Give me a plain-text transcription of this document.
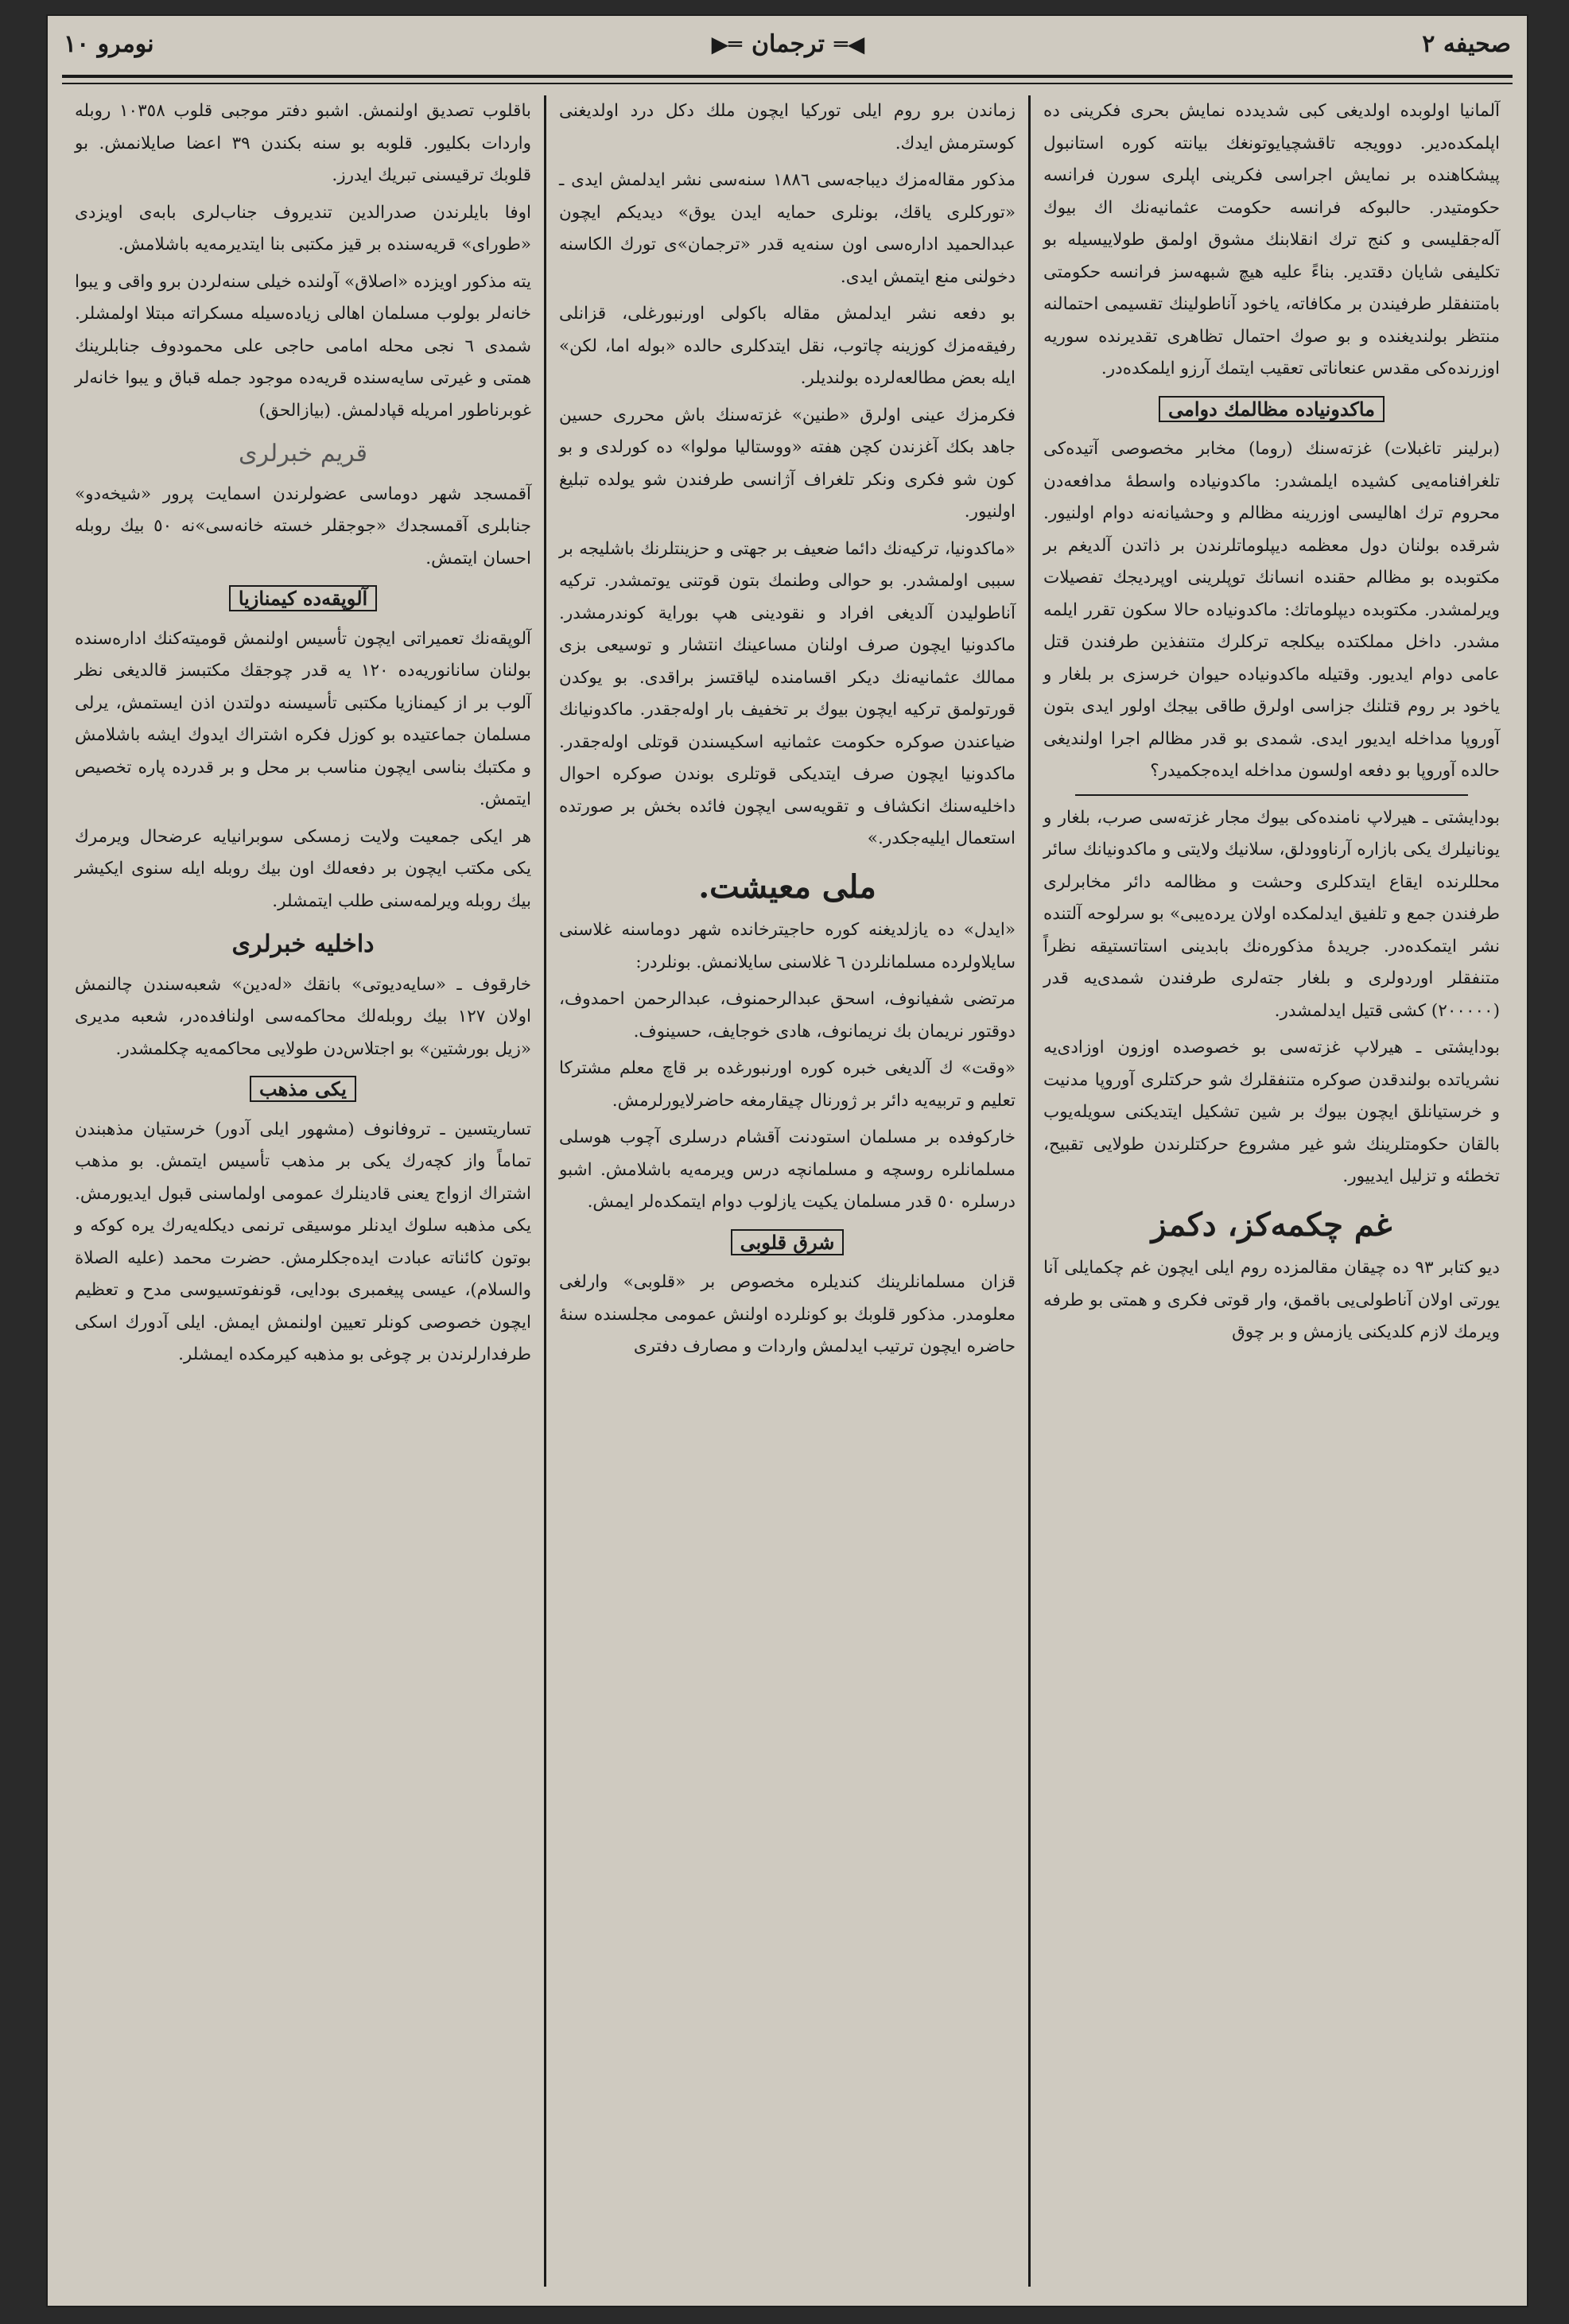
صحيفه ٢
◀═
ترجمان
═▶
نومرو ١٠

آلمانيا اولوبده اولديغى كبى شديدده نمايش بحرى فكرينى ده اپلمكده‌دير. دوويجه تاقشچيايوتونغك بيانته كوره استانبول پيشكاهنده بر نمايش اجراسى فكرينى اپلرى سورن فرانسه حكومتيدر. حالبوكه فرانسه حكومت عثمانيه‌نك اك بيوك آله‌جقليسى و كنج ترك انقلابنك مشوق اولمق طولاييسيله بو تكليفى شايان دقتدير. بناءً عليه هيچ شبهه‌سز فرانسه حكومتى بامتنفقلر طرفيندن بر مكافاته، ياخود آناطولينك تقسيمى احتمالنه منتظر بولنديغنده و بو صوك احتمال تظاهرى تقديرنده سوريه اوزرنده‌كى مقدس عنعاناتى تعقيب ايتمك آرزو ايلمكده‌در.

ماكدونياده مظالمك دوامى

(برلينر تاغبلات) غزته‌سنك (روما) مخابر مخصوصى آتيده‌كى تلغرافنامه‌يى كشيده ايلمشدر: ماكدونياده واسطهٔ مدافعه‌دن محروم ترك اهاليسى اوزرينه مظالم و وحشيانه‌نه دوام اولنيور. شرقده بولنان دول معظمه ديپلوماتلرندن بر ذاتدن آلديغم بر مكتوبده بو مظالم حقنده انسانك توپلرينى اوپرديجك تفصيلات ويرلمشدر. مكتوبده ديپلوماتك: ماكدونياده حالا سكون تقرر ايلمه مشدر. داخل مملكتده بيكلجه تركلرك متنفذين طرفندن قتل عامى دوام ايديور. وقتيله ماكدونياده حيوان خرسزى بر بلغار و ياخود بر روم قتلنك جزاسى اولرق طاقى بيجك اولور ايدى بتون آوروپا مداخله ايديور ايدى. شمدى بو قدر مظالم اجرا اولنديغى حالده آوروپا بو دفعه اولسون مداخله ايده‌جكميدر؟

بودايشتى ـ هيرلاپ نامنده‌كى بيوك مجار غزته‌سى صرب، بلغار و يونانيلرك يكى بازاره آرناوودلق، سلانيك ولايتى و ماكدونيانك سائر محللرنده ايقاع ايتدكلرى وحشت و مظالمه دائر مخابرلرى طرفندن جمع و تلفيق ايدلمكده اولان يرده‌يبى» بو سرلوحه آلتنده نشر ايتمكده‌در. جريدهٔ مذكوره‌نك بابدينى استاتستيقه نظراً متنفقلر اوردولرى و بلغار جته‌لرى طرفندن شمدى‌يه قدر (٢٠٠٠٠٠) كشى قتيل ايدلمشدر.

بودايشتى ـ هيرلاپ غزته‌سى بو خصوصده اوزون اوزادى‌يه نشرياتده بولندقدن صوكره متنفقلرك شو حركتلرى آوروپا مدنيت و خرستيانلق ايچون بيوك بر شين تشكيل ايتديكنى سويله‌يوب بالقان حكومتلرينك شو غير مشروع حركتلرندن طولايى تقبيح، تخطئه و تزليل ايدييور.

غم چكمه‌كز، دكمز

ديو كتابر ٩٣ ده چيقان مقالمزده روم ايلى ايچون غم چكمايلى آنا يورتى اولان آناطولى‌يى باقمق، وار قوتى فكرى و همتى بو طرفه ويرمك لازم كلديكنى يازمش و بر چوق

زماندن برو روم ايلى توركيا ايچون ملك دكل درد اولديغنى كوسترمش ايدك.

مذكور مقاله‌مزك ديباجه‌سى ١٨٨٦ سنه‌سى نشر ايدلمش ايدى ـ «توركلرى ياقك، بونلرى حمايه ايدن يوق» ديديكم ايچون عبدالحميد اداره‌سى اون سنه‌يه قدر «ترجمان»‌ى تورك الكاسنه دخولنى منع ايتمش ايدى.

بو دفعه نشر ايدلمش مقاله باكولى اورنبورغلى، قزانلى رفيقه‌مزك كوزينه چاتوب، نقل ايتدكلرى حالده «بوله اما، لكن» ايله بعض مطالعه‌لرده بولنديلر.

فكرمزك عينى اولرق «طنين» غزته‌سنك باش محررى حسين جاهد بكك آغزندن كچن هفته «ووستاليا مولوا» ده كورلدى و بو كون شو فكرى ونكر تلغراف آژانسى طرفندن شو يولده تبليغ اولنيور.

«ماكدونيا، تركيه‌نك دائما ضعيف بر جهتى و حزينتلرنك باشليجه بر سببى اولمشدر. بو حوالى وطنمك بتون قوتنى يوتمشدر. تركيه آناطوليدن آلديغى افراد و نقودينى هپ بوراية كوندرمشدر. ماكدونيا ايچون صرف اولنان مساعينك انتشار و توسيعى بزى ممالك عثمانيه‌نك ديكر اقسامنده لياقتسز براقدى. بو يوكدن قورتولمق تركيه ايچون بيوك بر تخفيف بار اوله‌جقدر. ماكدونيانك ضياعندن صوكره حكومت عثمانيه اسكيسندن قوتلى اوله‌جقدر. ماكدونيا ايچون صرف ايتديكى قوتلرى بوندن صوكره احوال داخليه‌سنك انكشاف و تقويه‌سى ايچون فائده بخش بر صورتده استعمال ايليه‌جكدر.»

ملى معيشت.

«ايدل» ده يازلديغنه كوره حاجيترخانده شهر دوماسنه غلاسنى سايلاولرده مسلمانلردن ٦ غلاسنى سايلانمش. بونلردر:

مرتضى شفيانوف، اسحق عبدالرحمنوف، عبدالرحمن احمدوف، دوقتور نريمان بك نريمانوف، هادى خوجايف، حسينوف.

«وقت» ك آلديغى خبره كوره اورنبورغده بر قاچ معلم مشتركا تعليم و تربيه‌يه دائر بر ژورنال چيقارمغه حاضرلايورلرمش.

خاركوفده بر مسلمان استودنت آقشام درسلرى آچوب هوسلى مسلمانلره روسچه و مسلمانچه درس ويرمه‌يه باشلامش. اشبو درسلره ٥٠ قدر مسلمان يكيت يازلوب دوام ايتمكده‌لر ايمش.

شرق قلوبى

قزان مسلمانلرينك كنديلره مخصوص بر «قلوبى» وارلغى معلومدر. مذكور قلوبك بو كونلرده اولنش عمومى مجلسنده سنهٔ حاضره ايچون ترتيب ايدلمش واردات و مصارف دفترى

باقلوب تصديق اولنمش. اشبو دفتر موجبى قلوب ١٠٣٥٨ روبله واردات بكليور. قلوبه بو سنه بكندن ٣٩ اعضا صايلانمش. بو قلوبك ترقيسنى تبريك ايدرز.

اوفا بايلرندن صدرالدين تنديروف جناب‌لرى بابه‌ى اويزدى «طوراى» قريه‌سنده بر قيز مكتبى بنا ايتديرمه‌يه باشلامش.

يته مذكور اويزده «اصلاق» آولنده خيلى سنه‌لردن برو واقى و يبوا خانه‌لر بولوب مسلمان اهالى زياده‌سيله مسكراته مبتلا اولمشلر. شمدى ٦ نجى محله امامى حاجى على محمودوف جنابلرينك همتى و غيرتى سايه‌سنده قريه‌ده موجود جمله قباق و يبوا خانه‌لر غوبرناطور امريله قپادلمش. (بيازالحق)

قريم خبرلرى

آقمسجد شهر دوماسى عضولرندن اسمايت پرور «شيخه‌دو» جنابلرى آقمسجدك «جوجقلر خسته خانه‌سى»‌نه ٥٠ بيك روبله احسان ايتمش.

آلوپقه‌ده كيمنازيا

آلوپقه‌نك تعميراتى ايچون تأسيس اولنمش قوميته‌كنك اداره‌سنده بولنان سانانوريه‌ده ١٢٠ يه قدر چوجقك مكتبسز قالديغى نظر آلوب بر از كيمنازيا مكتبى تأسيسنه دولتدن اذن ايستمش، يرلى مسلمان جماعتيده بو كوزل فكره اشتراك ايدوك ايشه باشلامش و مكتبك بناسى ايچون مناسب بر محل و بر قدرده پاره تخصيص ايتمش.

هر ايكى جمعيت ولايت زمسكى سوبرانيا‌يه عرضحال ويرمرك يكى مكتب ايچون بر دفعه‌لك اون بيك روبله ايله سنوى ايكيشر بيك روبله ويرلمه‌سنى طلب ايتمشلر.

داخليه خبرلرى

خارقوف ـ «سايه‌ديوتى» بانقك «له‌دين» شعبه‌سندن چالنمش اولان ١٢٧ بيك روبله‌لك محاكمه‌سى اولنافده‌در، شعبه مديرى «زيل بورشتين» بو اجتلاس‌دن طولايى محاكمه‌يه چكلمشدر.

يكى مذهب

تساريتسين ـ تروفانوف (مشهور ايلى آدور) خرستيان مذهبندن تماماً واز كچه‌رك يكى بر مذهب تأسيس ايتمش. بو مذهب اشتراك ازواج يعنى قادينلرك عمومى اولماسنى قبول ايديورمش. يكى مذهبه سلوك ايدنلر موسيقى ترنمى ديكله‌يه‌رك يره كوكه و بوتون كائناته عبادت ايده‌جكلرمش. حضرت محمد (عليه الصلاة والسلام)، عيسى پيغمبرى بودايى، قونفوتسيوسى مدح و تعظيم ايچون خصوصى كونلر تعيين اولنمش ايمش. ايلى آدورك اسكى طرفدارلرندن بر چوغى بو مذهبه كيرمكده ايمشلر.
